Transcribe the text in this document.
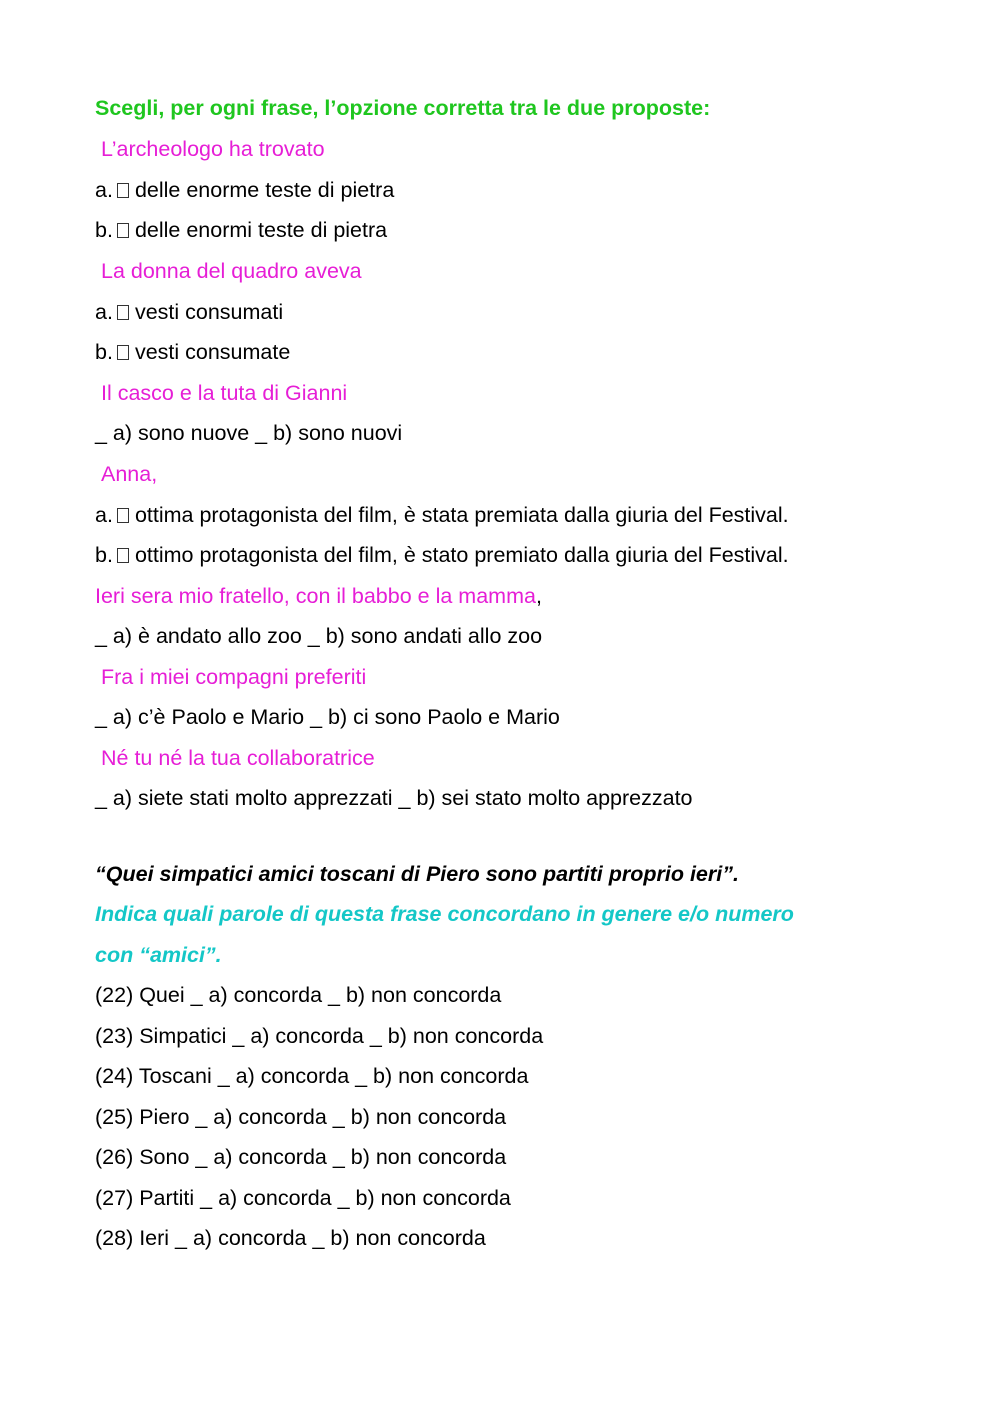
Scegli, per ogni frase, l’opzione corretta tra le due proposte:
L’archeologo ha trovato
a. delle enorme teste di pietra
b. delle enormi teste di pietra
La donna del quadro aveva
a. vesti consumati
b. vesti consumate
Il casco e la tuta di Gianni
_ a) sono nuove _ b) sono nuovi
Anna,
a. ottima protagonista del film, è stata premiata dalla giuria del Festival.
b. ottimo protagonista del film, è stato premiato dalla giuria del Festival.
Ieri sera mio fratello, con il babbo e la mamma,
_ a) è andato allo zoo _ b) sono andati allo zoo
Fra i miei compagni preferiti
_ a) c’è Paolo e Mario _ b) ci sono Paolo e Mario
Né tu né la tua collaboratrice
_ a) siete stati molto apprezzati _ b) sei stato molto apprezzato
“Quei simpatici amici toscani di Piero sono partiti proprio ieri”.
Indica quali parole di questa frase concordano in genere e/o numero
con “amici”.
(22) Quei _ a) concorda _ b) non concorda
(23) Simpatici _ a) concorda _ b) non concorda
(24) Toscani _ a) concorda _ b) non concorda
(25) Piero _ a) concorda _ b) non concorda
(26) Sono _ a) concorda _ b) non concorda
(27) Partiti _ a) concorda _ b) non concorda
(28) Ieri _ a) concorda _ b) non concorda
